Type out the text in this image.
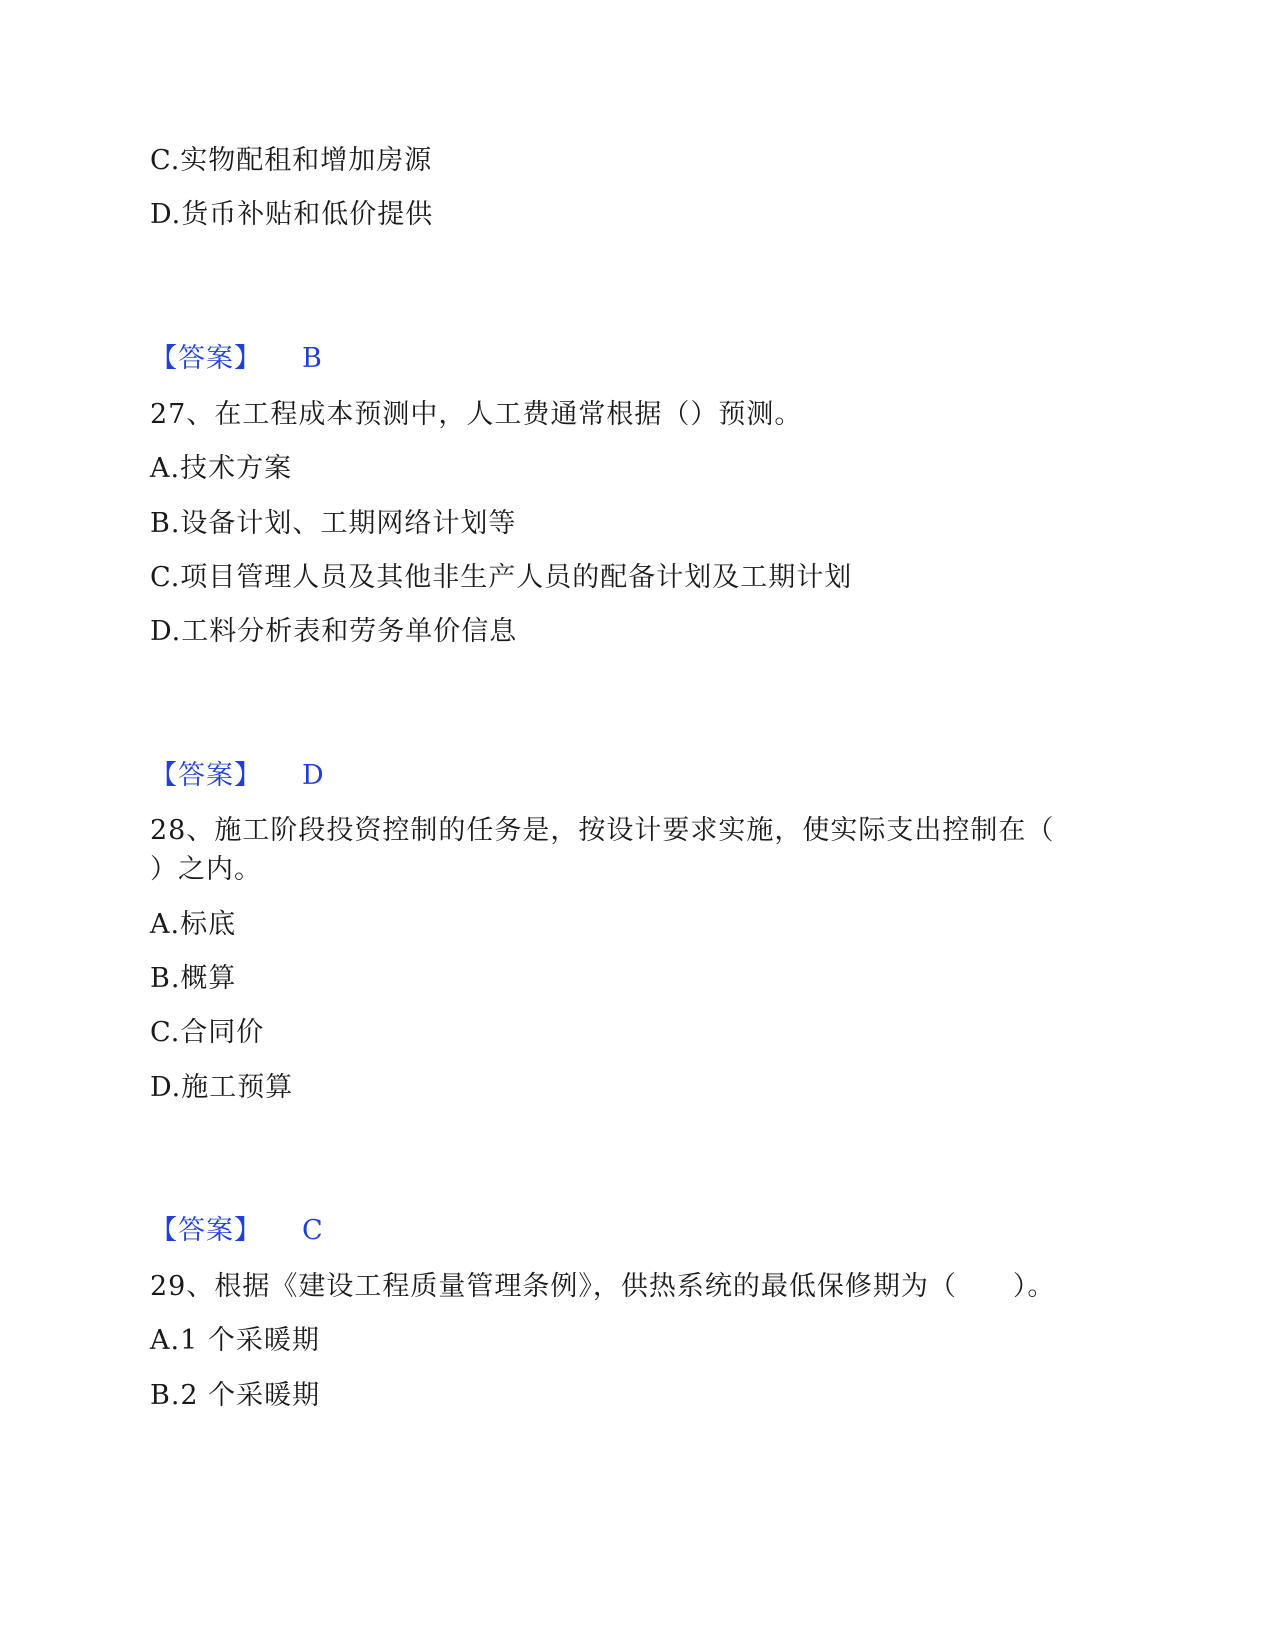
C.实物配租和增加房源
D.货币补贴和低价提供
【答案】 B
27、在工程成本预测中，人工费通常根据（）预测。
A.技术方案
B.设备计划、工期网络计划等
C.项目管理人员及其他非生产人员的配备计划及工期计划
D.工料分析表和劳务单价信息
【答案】 D
28、施工阶段投资控制的任务是，按设计要求实施，使实际支出控制在（
）之内。
A.标底
B.概算
C.合同价
D.施工预算
【答案】 C
29、根据《建设工程质量管理条例》，供热系统的最低保修期为（　　）。
A.1 个采暖期
B.2 个采暖期
